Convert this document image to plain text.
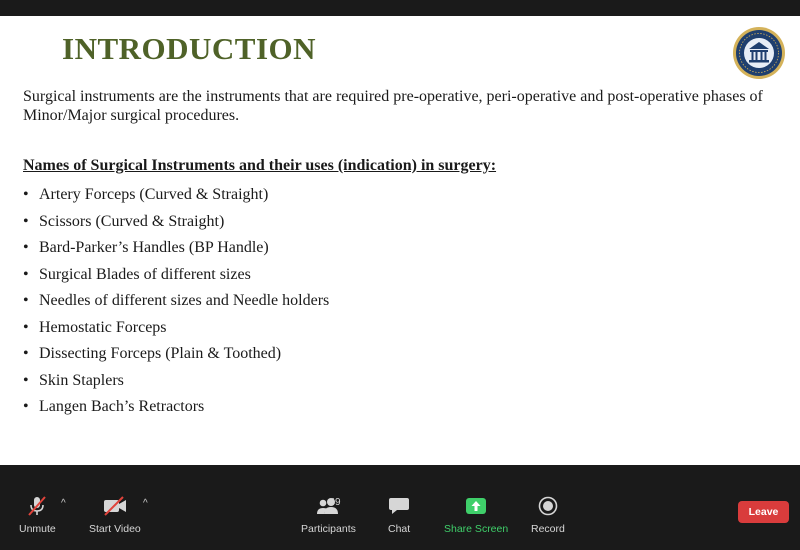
INTRODUCTION

Surgical instruments are the instruments that are required pre-operative, peri-operative and post-operative phases of Minor/Major surgical procedures.

Names of Surgical Instruments and their uses (indication) in surgery:

• Artery Forceps (Curved & Straight)
• Scissors (Curved & Straight)
• Bard-Parker’s Handles (BP Handle)
• Surgical Blades of different sizes
• Needles of different sizes and Needle holders
• Hemostatic Forceps
• Dissecting Forceps (Plain & Toothed)
• Skin Staplers
• Langen Bach’s Retractors
Unmute
^
Start Video
^	49
Participants	Chat	Share Screen Record
Leave
